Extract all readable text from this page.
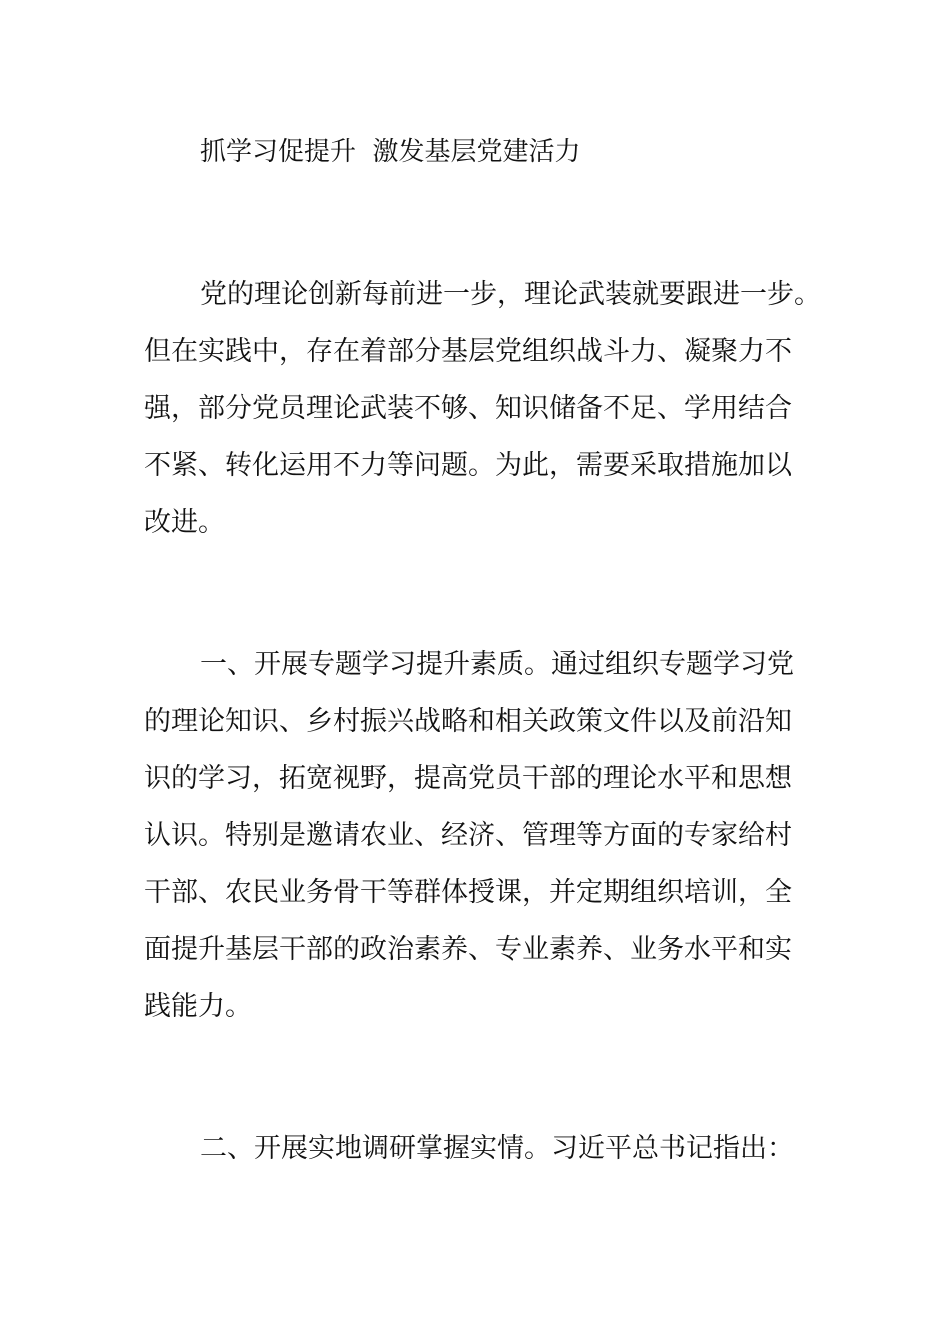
抓学习促提升  激发基层党建活力
党的理论创新每前进一步，理论武装就要跟进一步。
但在实践中，存在着部分基层党组织战斗力、凝聚力不
强，部分党员理论武装不够、知识储备不足、学用结合
不紧、转化运用不力等问题。为此，需要采取措施加以
改进。
一、开展专题学习提升素质。通过组织专题学习党
的理论知识、乡村振兴战略和相关政策文件以及前沿知
识的学习，拓宽视野，提高党员干部的理论水平和思想
认识。特别是邀请农业、经济、管理等方面的专家给村
干部、农民业务骨干等群体授课，并定期组织培训，全
面提升基层干部的政治素养、专业素养、业务水平和实
践能力。
二、开展实地调研掌握实情。习近平总书记指出：
